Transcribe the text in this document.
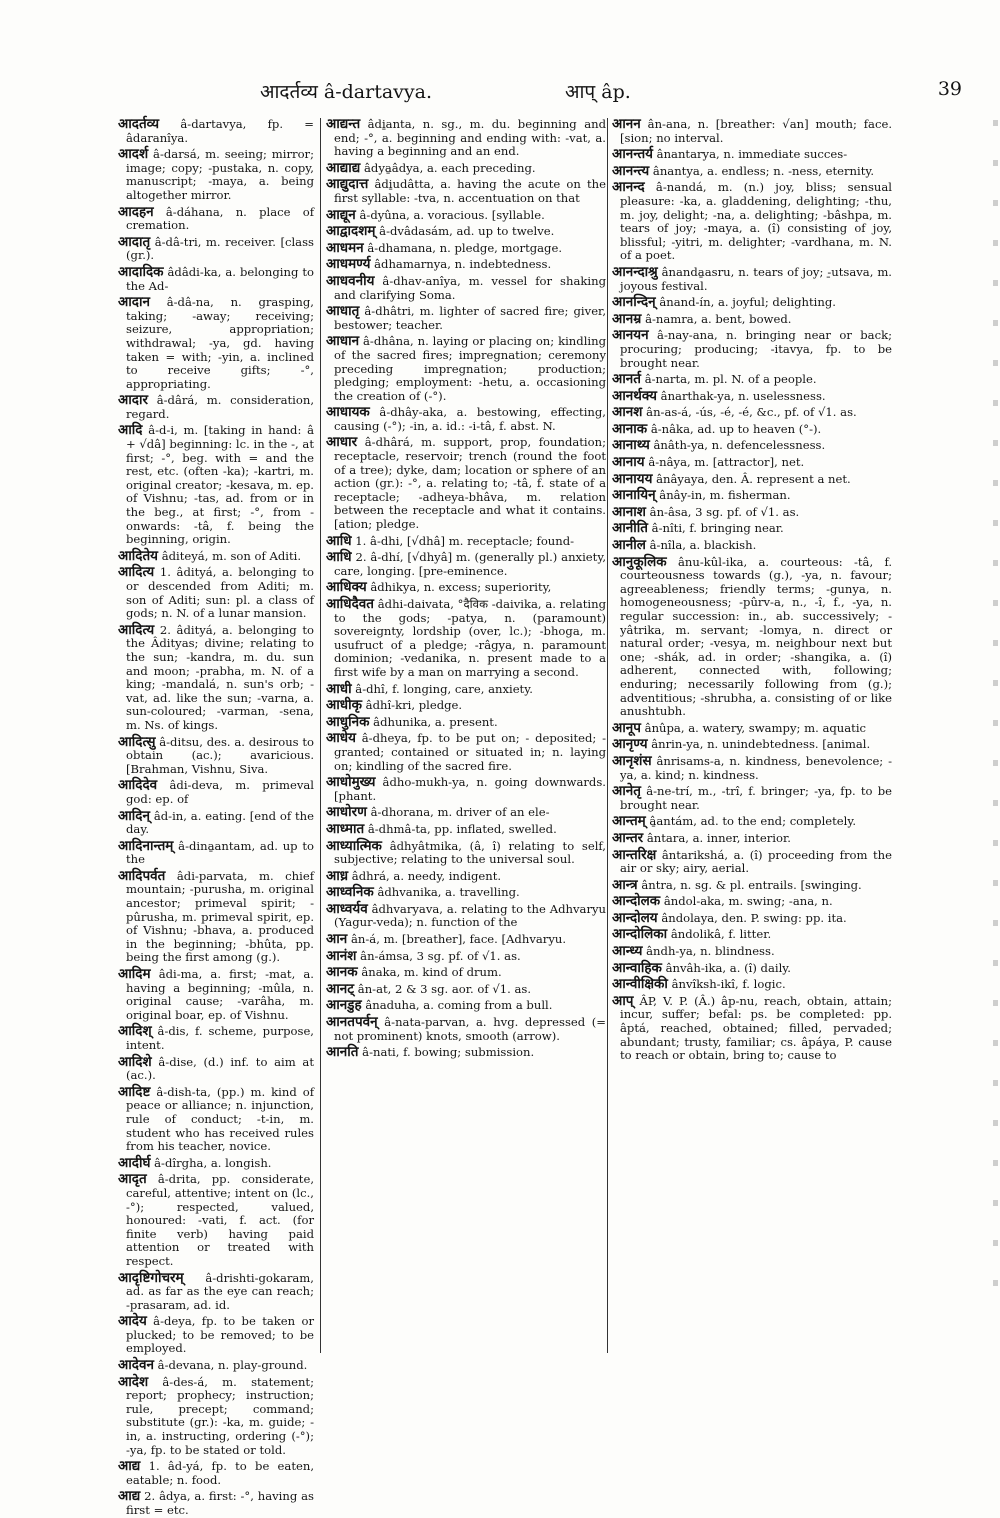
आदर्तव्य â-dartavya.	आप् âp.	39

आदर्तव्य â-dartavya, fp. = âdaranîya.

आदर्श â-darsá, m. seeing; mirror; image; copy; -pustaka, n. copy, manuscript; -maya, a. being altogether mirror.

आदहन â-dáhana, n. place of cremation.

आदातृ â-dâ-tri, m. receiver. [class (gr.).

आदादिक âdâdi-ka, a. belonging to the Ad-

आदान â-dâ-na, n. grasping, taking; -away; receiving; seizure, appropriation; withdrawal; -ya, gd. having taken = with; -yin, a. inclined to receive gifts; -°, appropriating.

आदार â-dârá, m. consideration, regard.

आदि â-d-i, m. [taking in hand: â + √dâ] beginning: lc. in the -, at first; -°, beg. with = and the rest, etc. (often -ka); -kartri, m. original creator; -kesava, m. ep. of Vishnu; -tas, ad. from or in the beg., at first; -°, from - onwards: -tâ, f. being the beginning, origin.

आदितेय âditeyá, m. son of Aditi.

आदित्य 1. âdityá, a. belonging to or descended from Aditi; m. son of Aditi; sun: pl. a class of gods; n. N. of a lunar mansion.

आदित्य 2. âdityá, a. belonging to the Âdityas; divine; relating to the sun; -kandra, m. du. sun and moon; -prabha, m. N. of a king; -mandalá, n. sun's orb; -vat, ad. like the sun; -varna, a. sun-coloured; -varman, -sena, m. Ns. of kings.

आदित्सु â-ditsu, des. a. desirous to obtain (ac.); avaricious. [Brahman, Vishnu, Siva.

आदिदेव âdi-deva, m. primeval god: ep. of

आदिन् âd-in, a. eating. [end of the day.

आदिनान्तम् â-dina̱antam, ad. up to the

आदिपर्वत âdi-parvata, m. chief mountain; -purusha, m. original ancestor; primeval spirit; -pûrusha, m. primeval spirit, ep. of Vishnu; -bhava, a. produced in the beginning; -bhûta, pp. being the first among (g.).

आदिम âdi-ma, a. first; -mat, a. having a beginning; -mûla, n. original cause; -varâha, m. original boar, ep. of Vishnu.

आदिश् â-dis, f. scheme, purpose, intent.

आदिशे â-dise, (d.) inf. to aim at (ac.).

आदिष्ट â-dish-ta, (pp.) m. kind of peace or alliance; n. injunction, rule of conduct; -t-in, m. student who has received rules from his teacher, novice.

आदीर्घ â-dîrgha, a. longish.

आदृत â-drita, pp. considerate, careful, attentive; intent on (lc., -°); respected, valued, honoured: -vati, f. act. (for finite verb) having paid attention or treated with respect.

आदृष्टिगोचरम् â-drishti-gokaram, ad. as far as the eye can reach; -prasaram, ad. id.

आदेय â-deya, fp. to be taken or plucked; to be removed; to be employed.

आदेवन â-devana, n. play-ground.

आदेश â-des-á, m. statement; report; prophecy; instruction; rule, precept; command; substitute (gr.): -ka, m. guide; -in, a. instructing, ordering (-°); -ya, fp. to be stated or told.

आद्य 1. âd-yá, fp. to be eaten, eatable; n. food.

आद्य 2. âdya, a. first: -°, having as first = etc.

आद्यन्त âdi̱anta, n. sg., m. du. beginning and end; -°, a. beginning and ending with: -vat, a. having a beginning and an end.

आद्याद्य âdya̱âdya, a. each preceding.

आद्युदात्त âdi̱udâtta, a. having the acute on the first syllable: -tva, n. accentuation on that

आद्यून â-dyûna, a. voracious. [syllable.

आद्वादशम् â-dvâdasám, ad. up to twelve.

आधमन â-dhamana, n. pledge, mortgage.

आधमर्ण्य âdhamarnya, n. indebtedness.

आधवनीय â-dhav-anîya, m. vessel for shaking and clarifying Soma.

आधातृ â-dhâtri, m. lighter of sacred fire; giver, bestower; teacher.

आधान â-dhâna, n. laying or placing on; kindling of the sacred fires; impregnation; ceremony preceding impregnation; production; pledging; employment: -hetu, a. occasioning the creation of (-°).

आधायक â-dhây-aka, a. bestowing, effecting, causing (-°); -in, a. id.: -i-tâ, f. abst. N.

आधार â-dhârá, m. support, prop, foundation; receptacle, reservoir; trench (round the foot of a tree); dyke, dam; location or sphere of an action (gr.): -°, a. relating to; -tâ, f. state of a receptacle; -adheya-bhâva, m. relation between the receptacle and what it contains. [ation; pledge.

आधि 1. â-dhi, [√dhâ] m. receptacle; found-

आधि 2. â-dhí, [√dhyâ] m. (generally pl.) anxiety, care, longing. [pre-eminence.

आधिक्य âdhikya, n. excess; superiority,

आधिदैवत âdhi-daivata, °दैविक -daivika, a. relating to the gods; -patya, n. (paramount) sovereignty, lordship (over, lc.); -bhoga, m. usufruct of a pledge; -râgya, n. paramount dominion; -vedanika, n. present made to a first wife by a man on marrying a second.

आधी â-dhî, f. longing, care, anxiety.

आधीकृ âdhî-kri, pledge.

आधुनिक âdhunika, a. present.

आधेय â-dheya, fp. to be put on; - deposited; -granted; contained or situated in; n. laying on; kindling of the sacred fire.

आधोमुख्य âdho-mukh-ya, n. going downwards. [phant.

आधोरण â-dhorana, m. driver of an ele-

आध्मात â-dhmâ-ta, pp. inflated, swelled.

आध्यात्मिक âdhyâtmika, (â, î) relating to self, subjective; relating to the universal soul.

आध्र âdhrá, a. needy, indigent.

आध्वनिक âdhvanika, a. travelling.

आध्वर्यव âdhvaryava, a. relating to the Adhvaryu (Yagur-veda); n. function of the

आन ân-á, m. [breather], face. [Adhvaryu.

आनंश ân-ámsa, 3 sg. pf. of √1. as.

आनक ânaka, m. kind of drum.

आनट् ân-at, 2 & 3 sg. aor. of √1. as.

आनडुह ânaduha, a. coming from a bull.

आनतपर्वन् â-nata-parvan, a. hvg. depressed (= not prominent) knots, smooth (arrow).

आनति â-nati, f. bowing; submission.

आनन ân-ana, n. [breather: √an] mouth; face. [sion; no interval.

आनन्तर्य ânantarya, n. immediate succes-

आनन्त्य ânantya, a. endless; n. -ness, eternity.

आनन्द â-nandá, m. (n.) joy, bliss; sensual pleasure: -ka, a. gladdening, delighting; -thu, m. joy, delight; -na, a. delighting; -bâshpa, m. tears of joy; -maya, a. (î) consisting of joy, blissful; -yitri, m. delighter; -vardhana, m. N. of a poet.

आनन्दाश्रु ânanda̱asru, n. tears of joy; -̱utsava, m. joyous festival.

आनन्दिन् ânand-ín, a. joyful; delighting.

आनम्र â-namra, a. bent, bowed.

आनयन â-nay-ana, n. bringing near or back; procuring; producing; -itavya, fp. to be brought near.

आनर्त â-narta, m. pl. N. of a people.

आनर्थक्य ânarthak-ya, n. uselessness.

आनश ân-as-á, -ús, -é, -é, &c., pf. of √1. as.

आनाक â-nâka, ad. up to heaven (°-).

आनाथ्य ânâth-ya, n. defencelessness.

आनाय â-nâya, m. [attractor], net.

आनायय ânâyaya, den. Â. represent a net.

आनायिन् ânây-in, m. fisherman.

आनाश ân-âsa, 3 sg. pf. of √1. as.

आनीति â-nîti, f. bringing near.

आनील â-nîla, a. blackish.

आनुकूलिक ânu-kûl-ika, a. courteous: -tâ, f. courteousness towards (g.), -ya, n. favour; agreeableness; friendly terms; -gunya, n. homogeneousness; -pûrv-a, n., -î, f., -ya, n. regular succession: in., ab. successively; -yâtrika, m. servant; -lomya, n. direct or natural order; -vesya, m. neighbour next but one; -shák, ad. in order; -shangika, a. (î) adherent, connected with, following; enduring; necessarily following from (g.); adventitious; -shrubha, a. consisting of or like anushtubh.

आनूप ânûpa, a. watery, swampy; m. aquatic

आनृण्य ânrin-ya, n. unindebtedness. [animal.

आनृशंस ânrisams-a, n. kindness, benevolence; -ya, a. kind; n. kindness.

आनेतृ â-ne-trí, m., -trî, f. bringer; -ya, fp. to be brought near.

आन्तम् â̱antám, ad. to the end; completely.

आन्तर ântara, a. inner, interior.

आन्तरिक्ष ântarikshá, a. (î) proceeding from the air or sky; airy, aerial.

आन्त्र ântra, n. sg. & pl. entrails. [swinging.

आन्दोलक ândol-aka, m. swing; -ana, n.

आन्दोलय ândolaya, den. P. swing: pp. ita.

आन्दोलिका ândolikâ, f. litter.

आन्ध्य ândh-ya, n. blindness.

आन्वाहिक ânvâh-ika, a. (î) daily.

आन्वीक्षिकी ânvîksh-ikî, f. logic.

आप् ÂP, V. P. (Â.) âp-nu, reach, obtain, attain; incur, suffer; befal: ps. be completed: pp. âptá, reached, obtained; filled, pervaded; abundant; trusty, familiar; cs. âpáya, P. cause to reach or obtain, bring to; cause to
